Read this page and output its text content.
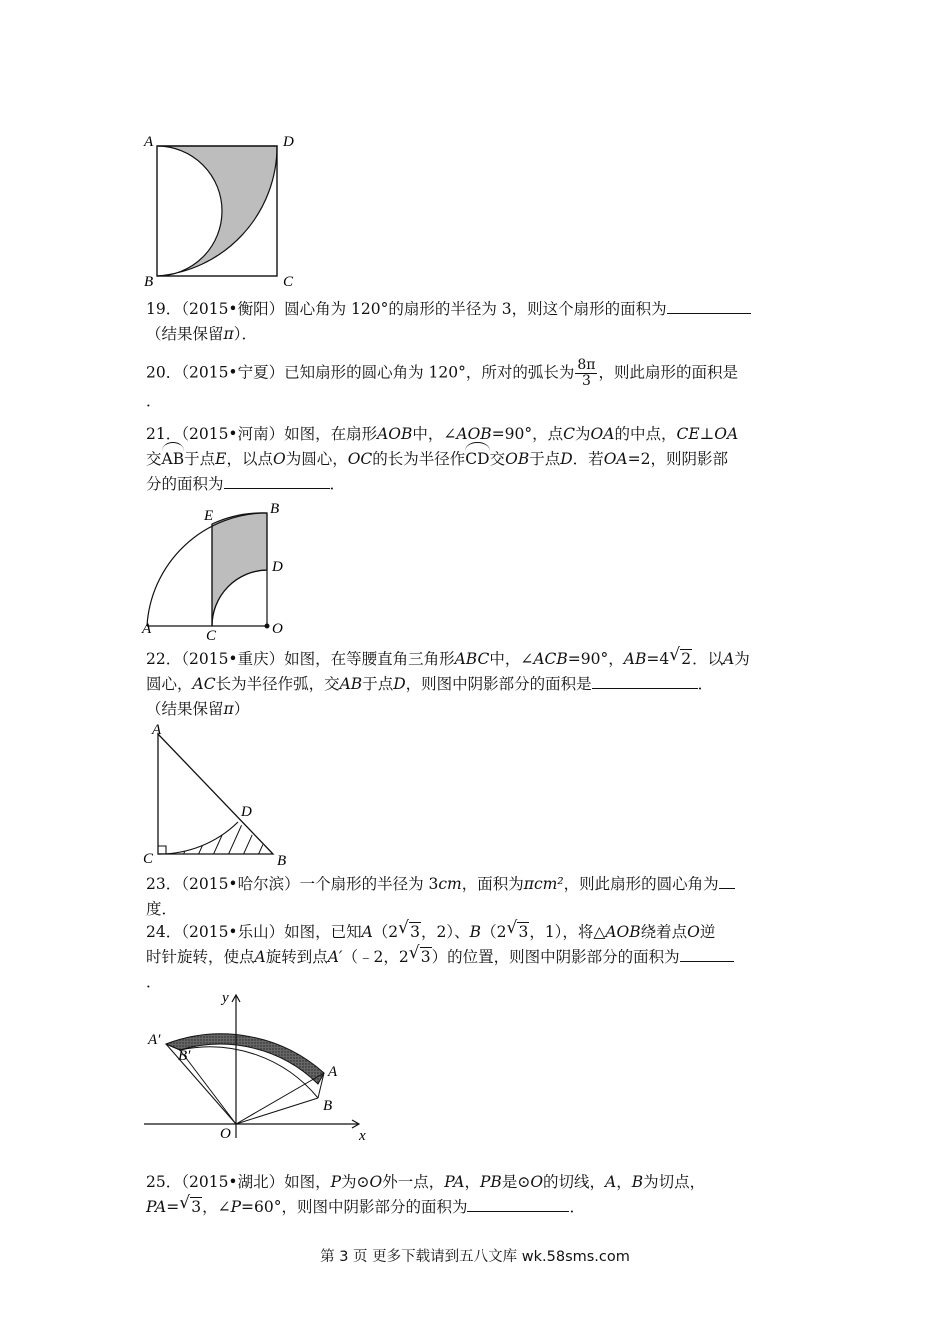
A	D
B	C

19．（2015•衡阳）圆心角为 120°的扇形的半径为 3，则这个扇形的面积为

（结果保留π）．

20．（2015•宁夏）已知扇形的圆心角为 120°，所对的弧长为 $\frac{8\pi}{3}$ ，则此扇形的面积是

．

21．（2015•河南）如图，在扇形AOB中，∠AOB=90°，点C为OA的中点，CE⊥OA

交AB于点E，以点O为圆心，OC的长为半径作CD交OB于点D．若OA=2，则阴影部

分的面积为	．

E	B
D
A	C	O

22．（2015•重庆）如图，在等腰直角三角形ABC中，∠ACB=90°，AB=4 √ 2．以A为

圆心，AC长为半径作弧，交AB于点D，则图中阴影部分的面积是	．

（结果保留π）

A
D
C	B

23．（2015•哈尔滨）一个扇形的半径为 3cm，面积为πcm²，则此扇形的圆心角为

度．

24．（2015•乐山）如图，已知A（2 √ 3，2）、B（2 √ 3，1），将△AOB绕着点O逆

时针旋转，使点A旋转到点A′（﹣2，2 √ 3）的位置，则图中阴影部分的面积为

．

y
A′
B′
A
B
O	x

25．（2015•湖北）如图，P为⊙O外一点，PA，PB是⊙O的切线，A，B为切点，

PA= √ 3，∠P=60°，则图中阴影部分的面积为	．

第 3 页 更多下载请到五八文库 wk.58sms.com
